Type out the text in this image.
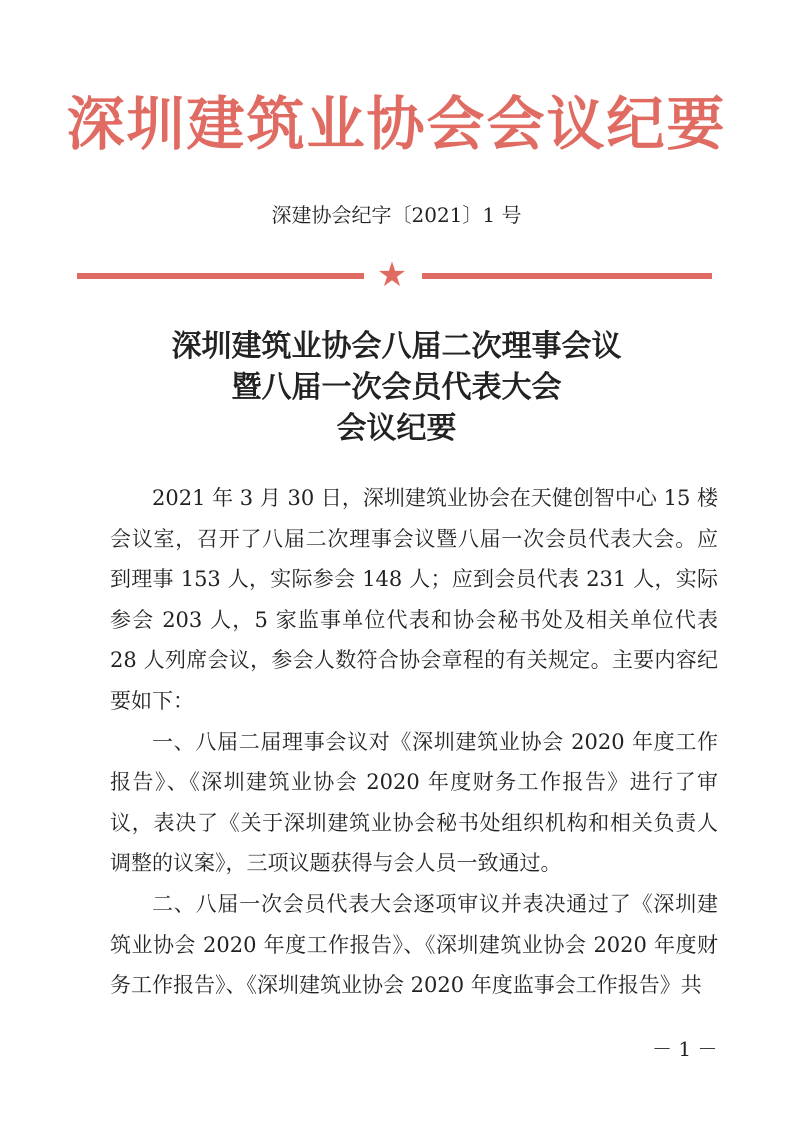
深圳建筑业协会会议纪要
深建协会纪字〔2021〕1 号
★
深圳建筑业协会八届二次理事会议
暨八届一次会员代表大会
会议纪要

2021 年 3 月 30 日，深圳建筑业协会在天健创智中心 15 楼会议室，召开了八届二次理事会议暨八届一次会员代表大会。应到理事 153 人，实际参会 148 人；应到会员代表 231 人，实际参会 203 人，5 家监事单位代表和协会秘书处及相关单位代表 28 人列席会议，参会人数符合协会章程的有关规定。主要内容纪要如下：

一、八届二届理事会议对《深圳建筑业协会 2020 年度工作报告》、《深圳建筑业协会 2020 年度财务工作报告》进行了审议，表决了《关于深圳建筑业协会秘书处组织机构和相关负责人调整的议案》，三项议题获得与会人员一致通过。

二、八届一次会员代表大会逐项审议并表决通过了《深圳建筑业协会 2020 年度工作报告》、《深圳建筑业协会 2020 年度财务工作报告》、《深圳建筑业协会 2020 年度监事会工作报告》共

－ 1 －
